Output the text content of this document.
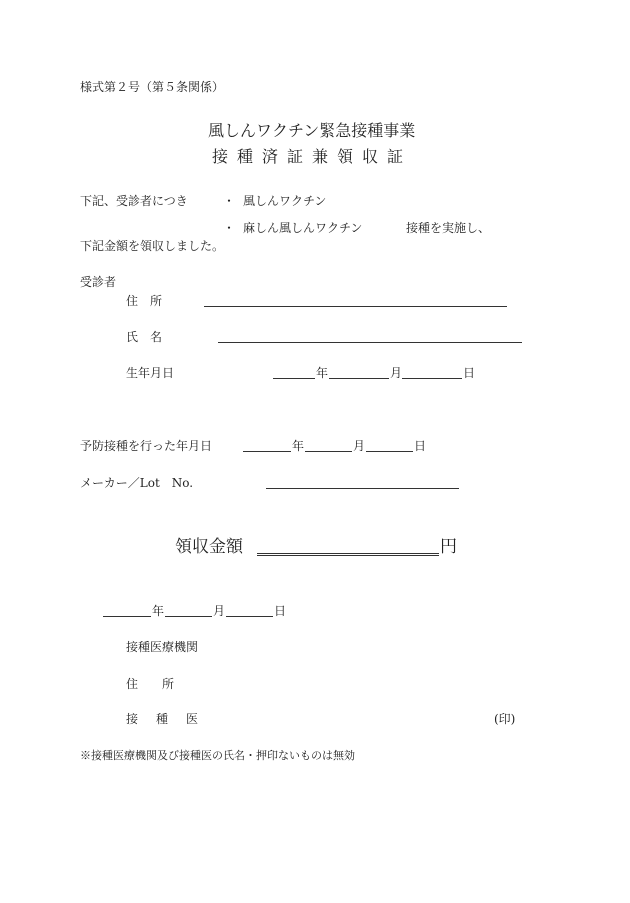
様式第２号（第５条関係）
風しんワクチン緊急接種事業
接種済証兼領収証
下記、受診者につき	・ 風しんワクチン
・ 麻しん風しんワクチン	接種を実施し、
下記金額を領収しました。
受診者
住　所
氏　名
生年月日	年	月	日
予防接種を行った年月日	年	月	日
メーカー／Lot　No.
領収金額	円
年	月	日
接種医療機関
住　　所
接種医	(印)
※接種医療機関及び接種医の氏名・押印ないものは無効
